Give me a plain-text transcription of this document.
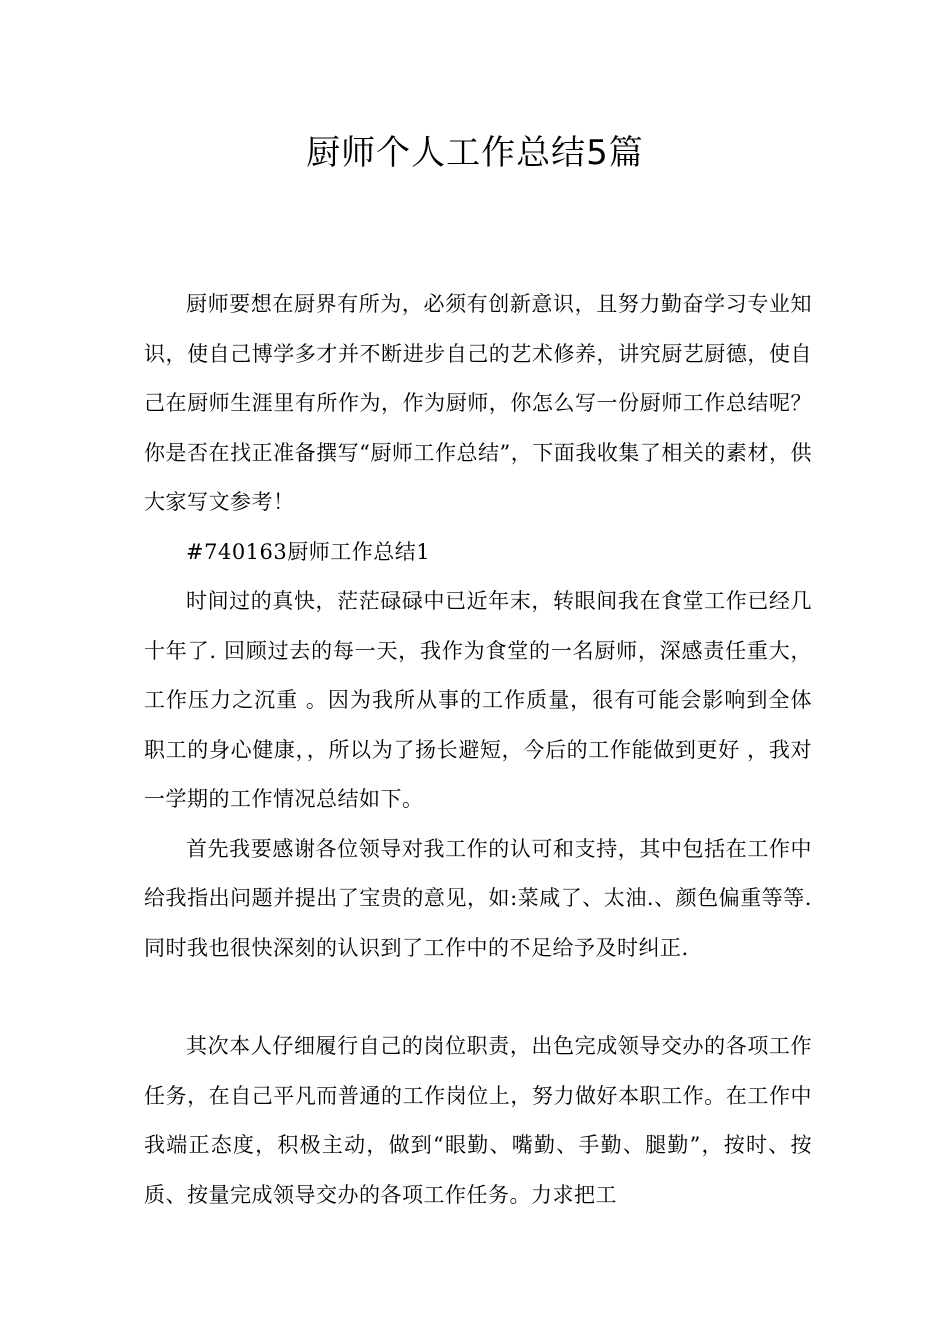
厨师个人工作总结5篇

厨师要想在厨界有所为，必须有创新意识，且努力勤奋学习专业知识，使自己博学多才并不断进步自己的艺术修养，讲究厨艺厨德，使自己在厨师生涯里有所作为，作为厨师，你怎么写一份厨师工作总结呢？你是否在找正准备撰写“厨师工作总结”，下面我收集了相关的素材，供大家写文参考！

#740163厨师工作总结1

时间过的真快，茫茫碌碌中已近年末，转眼间我在食堂工作已经几十年了. 回顾过去的每一天，我作为食堂的一名厨师，深感责任重大，工作压力之沉重 。因为我所从事的工作质量，很有可能会影响到全体职工的身心健康，，所以为了扬长避短，今后的工作能做到更好 ，我对一学期的工作情况总结如下。

首先我要感谢各位领导对我工作的认可和支持，其中包括在工作中给我指出问题并提出了宝贵的意见，如:菜咸了、太油.、颜色偏重等等.同时我也很快深刻的认识到了工作中的不足给予及时纠正.

其次本人仔细履行自己的岗位职责，出色完成领导交办的各项工作任务，在自己平凡而普通的工作岗位上，努力做好本职工作。在工作中我端正态度，积极主动，做到“眼勤、嘴勤、手勤、腿勤”，按时、按质、按量完成领导交办的各项工作任务。力求把工
